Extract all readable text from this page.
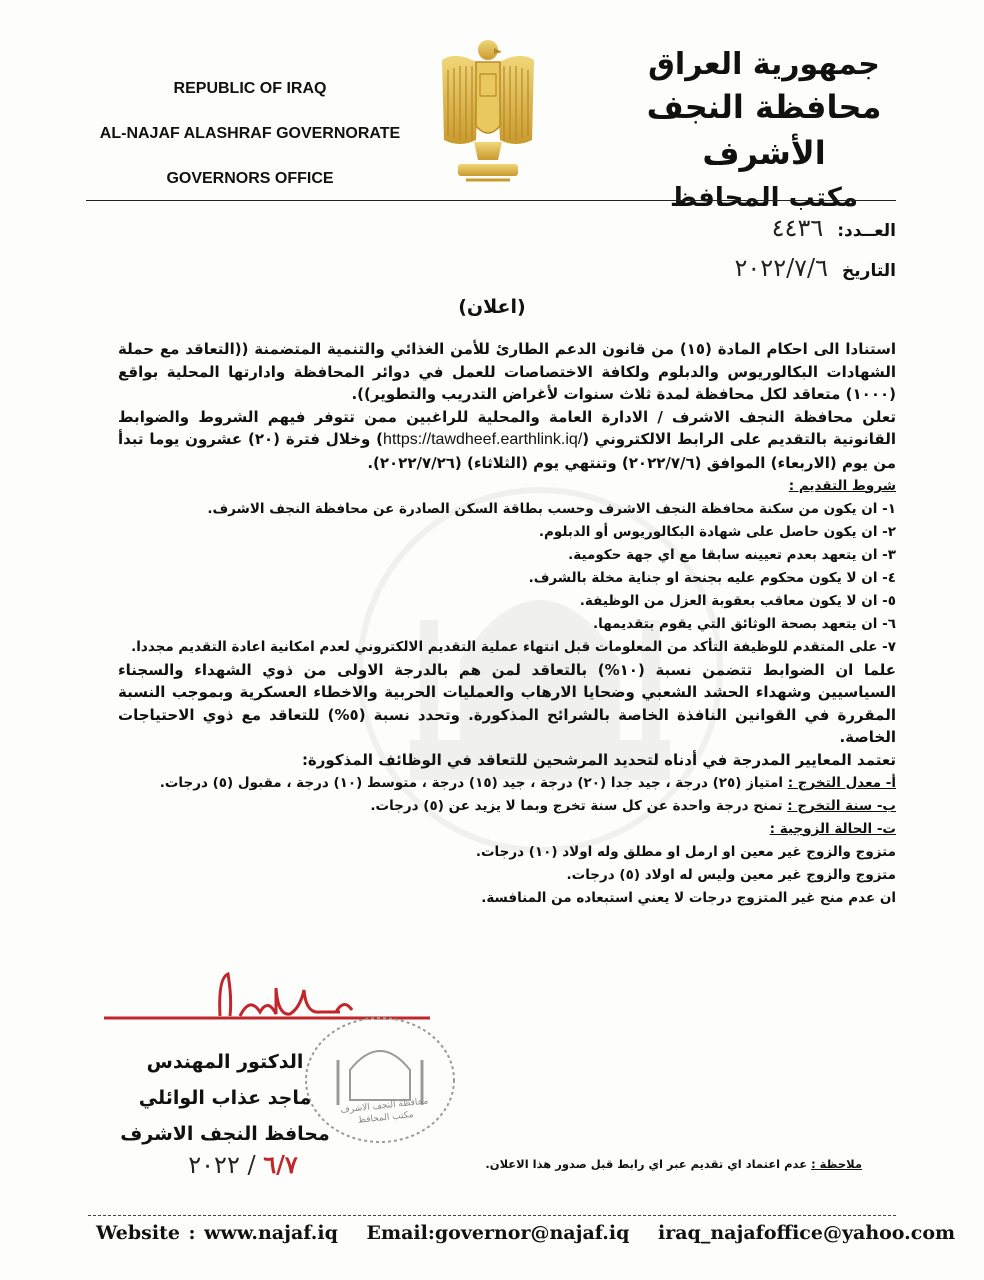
REPUBLIC OF IRAQ
AL-NAJAF ALASHRAF GOVERNORATE
GOVERNORS OFFICE
جمهورية العراق
محافظة النجف الأشرف
مكتب المحافظ
العــدد:
٤٤٣٦
التاريخ
٢٠٢٢/٧/٦
(اعلان)

استنادا الى احكام المادة (١٥) من قانون الدعم الطارئ للأمن الغذائي والتنمية المتضمنة ((التعاقد مع حملة الشهادات البكالوريوس والدبلوم ولكافة الاختصاصات للعمل في دوائر المحافظة وادارتها المحلية بواقع (١٠٠٠) متعاقد لكل محافظة لمدة ثلاث سنوات لأغراض التدريب والتطوير)).

تعلن محافظة النجف الاشرف / الادارة العامة والمحلية للراغبين ممن تتوفر فيهم الشروط والضوابط القانونية بالتقديم على الرابط الالكتروني (https://tawdheef.earthlink.iq/) وخلال فترة (٢٠) عشرون يوما تبدأ من يوم (الاربعاء) الموافق (٢٠٢٢/٧/٦) وتنتهي يوم (الثلاثاء) (٢٠٢٢/٧/٢٦).

شروط التقديم :

١- ان يكون من سكنة محافظة النجف الاشرف وحسب بطاقة السكن الصادرة عن محافظة النجف الاشرف.

٢- ان يكون حاصل على شهادة البكالوريوس أو الدبلوم.

٣- ان يتعهد بعدم تعيينه سابقا مع اي جهة حكومية.

٤- ان لا يكون محكوم عليه بجنحة او جناية مخلة بالشرف.

٥- ان لا يكون معاقب بعقوبة العزل من الوظيفة.

٦- ان يتعهد بصحة الوثائق التي يقوم بتقديمها.

٧- على المتقدم للوظيفة التأكد من المعلومات قبل انتهاء عملية التقديم الالكتروني لعدم امكانية اعادة التقديم مجددا.

علما ان الضوابط تتضمن نسبة (١٠%) بالتعاقد لمن هم بالدرجة الاولى من ذوي الشهداء والسجناء السياسيين وشهداء الحشد الشعبي وضحايا الارهاب والعمليات الحربية والاخطاء العسكرية وبموجب النسبة المقررة في القوانين النافذة الخاصة بالشرائح المذكورة. وتحدد نسبة (٥%) للتعاقد مع ذوي الاحتياجات الخاصة.

تعتمد المعايير المدرجة في أدناه لتحديد المرشحين للتعاقد في الوظائف المذكورة:

أ- معدل التخرج : امتياز (٢٥) درجة ، جيد جدا (٢٠) درجة ، جيد (١٥) درجة ، متوسط (١٠) درجة ، مقبول (٥) درجات.

ب- سنة التخرج : تمنح درجة واحدة عن كل سنة تخرج وبما لا يزيد عن (٥) درجات.

ت- الحالة الزوجية :

متزوج والزوج غير معين او ارمل او مطلق وله اولاد (١٠) درجات.

متزوج والزوج غير معين وليس له اولاد (٥) درجات.

ان عدم منح غير المتزوج درجات لا يعني استبعاده من المنافسة.

محافظة النجف الاشرف مكتب المحافظ
الدكتور المهندس
ماجد عذاب الوائلي
محافظ النجف الاشرف
٦/٧ / ٢٠٢٢	ملاحظة : عدم اعتماد اي تقديم عبر اي رابط قبل صدور هذا الاعلان.
Website : www.najaf.iq Email:governor@najaf.iq iraq_najafoffice@yahoo.com
